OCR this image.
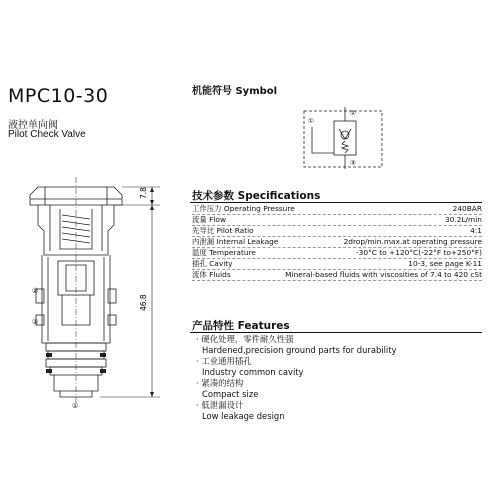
MPC10-30
液控单向阀
Pilot Check Valve
7.8
46.8
②
③
①
机能符号 Symbol
①
②
③
技术参数 Specifications
工作压力 Operating Pressure	240BAR
流量 Flow	30.2L/min
先导比 Pilot Ratio	4:1
内泄漏 Internal Leakage	2drop/min.max.at operating pressure
温度 Temperature	-30°C to +120°C(-22°F to+250°F)
插孔 Cavity	10-3, see page K-11
流体 Fluids	Mineral-based fluids with viscosities of 7.4 to 420 cSt
产品特性 Features
· 硬化处理，零件耐久性强
Hardened,precision ground parts for durability
· 工业通用插孔
Industry common cavity
· 紧凑的结构
Compact size
· 低泄漏设计
Low leakage design
